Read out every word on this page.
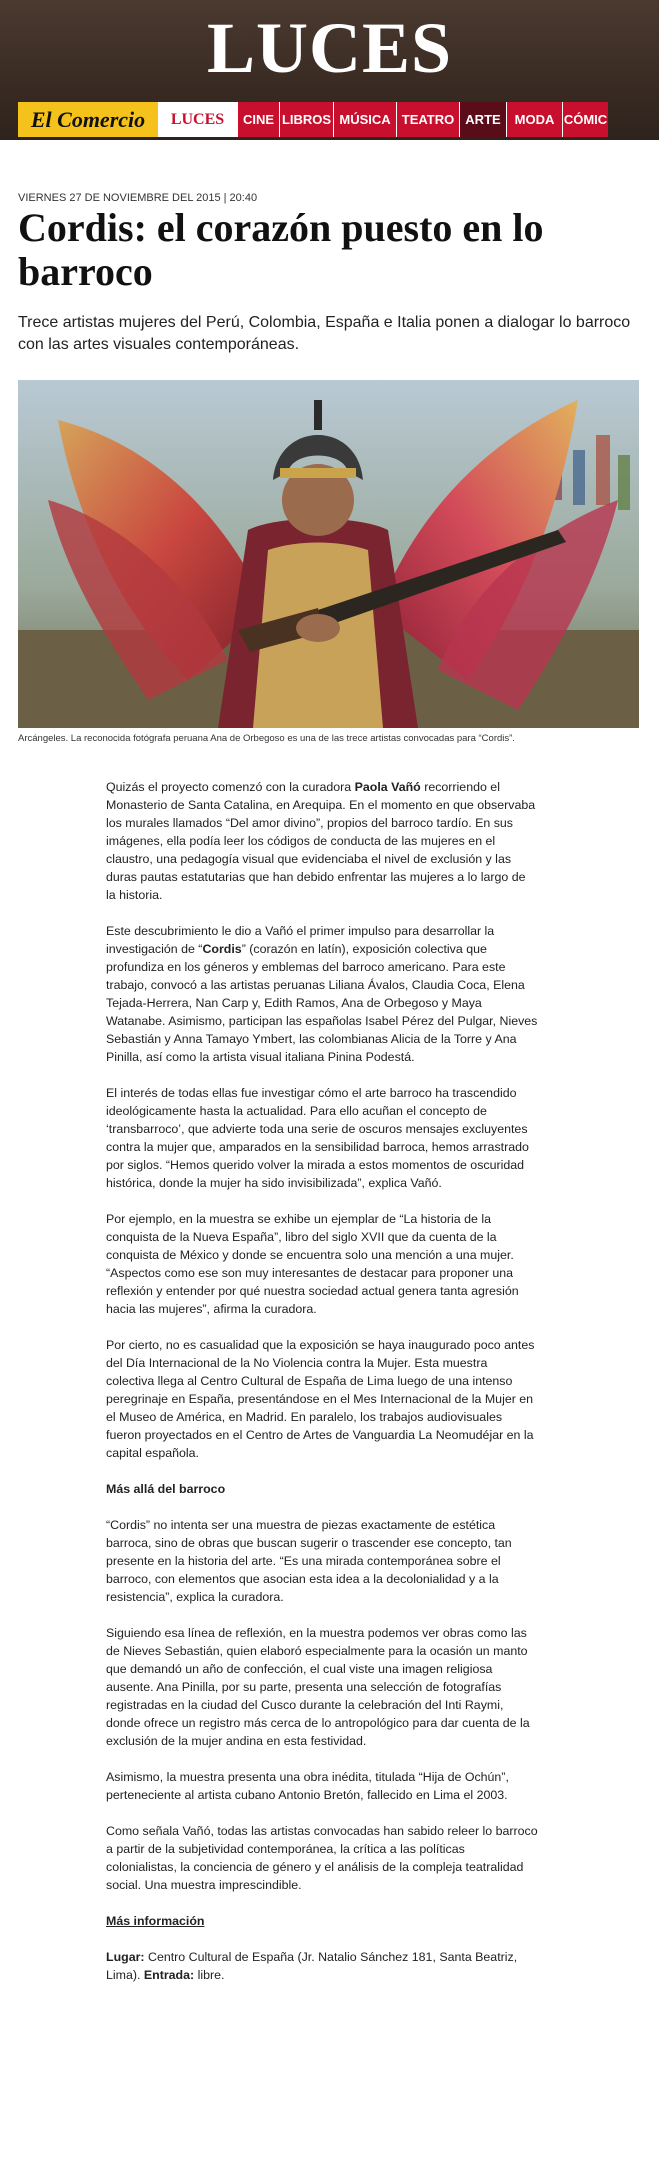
LUCES
El Comercio	LUCES	CINE LIBROS MÚSICA TEATRO ARTE	MODA CÓMIC
VIERNES 27 DE NOVIEMBRE DEL 2015 | 20:40
Cordis: el corazón puesto en lo barroco

Trece artistas mujeres del Perú, Colombia, España e Italia ponen a dialogar lo barroco con las artes visuales contemporáneas.

Arcángeles. La reconocida fotógrafa peruana Ana de Orbegoso es una de las trece artistas convocadas para “Cordis”.

Quizás el proyecto comenzó con la curadora Paola Vañó recorriendo el Monasterio de Santa Catalina, en Arequipa. En el momento en que observaba los murales llamados “Del amor divino”, propios del barroco tardío. En sus imágenes, ella podía leer los códigos de conducta de las mujeres en el claustro, una pedagogía visual que evidenciaba el nivel de exclusión y las duras pautas estatutarias que han debido enfrentar las mujeres a lo largo de la historia.

Este descubrimiento le dio a Vañó el primer impulso para desarrollar la investigación de “Cordis” (corazón en latín), exposición colectiva que profundiza en los géneros y emblemas del barroco americano. Para este trabajo, convocó a las artistas peruanas Liliana Ávalos, Claudia Coca, Elena Tejada-Herrera, Nan Carp y, Edith Ramos, Ana de Orbegoso y Maya Watanabe. Asimismo, participan las españolas Isabel Pérez del Pulgar, Nieves Sebastián y Anna Tamayo Ymbert, las colombianas Alicia de la Torre y Ana Pinilla, así como la artista visual italiana Pinina Podestá.

El interés de todas ellas fue investigar cómo el arte barroco ha trascendido ideológicamente hasta la actualidad. Para ello acuñan el concepto de ‘transbarroco’, que advierte toda una serie de oscuros mensajes excluyentes contra la mujer que, amparados en la sensibilidad barroca, hemos arrastrado por siglos. “Hemos querido volver la mirada a estos momentos de oscuridad histórica, donde la mujer ha sido invisibilizada”, explica Vañó.

Por ejemplo, en la muestra se exhibe un ejemplar de “La historia de la conquista de la Nueva España”, libro del siglo XVII que da cuenta de la conquista de México y donde se encuentra solo una mención a una mujer. “Aspectos como ese son muy interesantes de destacar para proponer una reflexión y entender por qué nuestra sociedad actual genera tanta agresión hacia las mujeres”, afirma la curadora.

Por cierto, no es casualidad que la exposición se haya inaugurado poco antes del Día Internacional de la No Violencia contra la Mujer. Esta muestra colectiva llega al Centro Cultural de España de Lima luego de una intenso peregrinaje en España, presentándose en el Mes Internacional de la Mujer en el Museo de América, en Madrid. En paralelo, los trabajos audiovisuales fueron proyectados en el Centro de Artes de Vanguardia La Neomudéjar en la capital española.

Más allá del barroco

“Cordis” no intenta ser una muestra de piezas exactamente de estética barroca, sino de obras que buscan sugerir o trascender ese concepto, tan presente en la historia del arte. “Es una mirada contemporánea sobre el barroco, con elementos que asocian esta idea a la decolonialidad y a la resistencia”, explica la curadora.

Siguiendo esa línea de reflexión, en la muestra podemos ver obras como las de Nieves Sebastián, quien elaboró especialmente para la ocasión un manto que demandó un año de confección, el cual viste una imagen religiosa ausente. Ana Pinilla, por su parte, presenta una selección de fotografías registradas en la ciudad del Cusco durante la celebración del Inti Raymi, donde ofrece un registro más cerca de lo antropológico para dar cuenta de la exclusión de la mujer andina en esta festividad.

Asimismo, la muestra presenta una obra inédita, titulada “Hija de Ochún”, perteneciente al artista cubano Antonio Bretón, fallecido en Lima el 2003.

Como señala Vañó, todas las artistas convocadas han sabido releer lo barroco a partir de la subjetividad contemporánea, la crítica a las políticas colonialistas, la conciencia de género y el análisis de la compleja teatralidad social. Una muestra imprescindible.

Más información

Lugar: Centro Cultural de España (Jr. Natalio Sánchez 181, Santa Beatriz, Lima). Entrada: libre.
